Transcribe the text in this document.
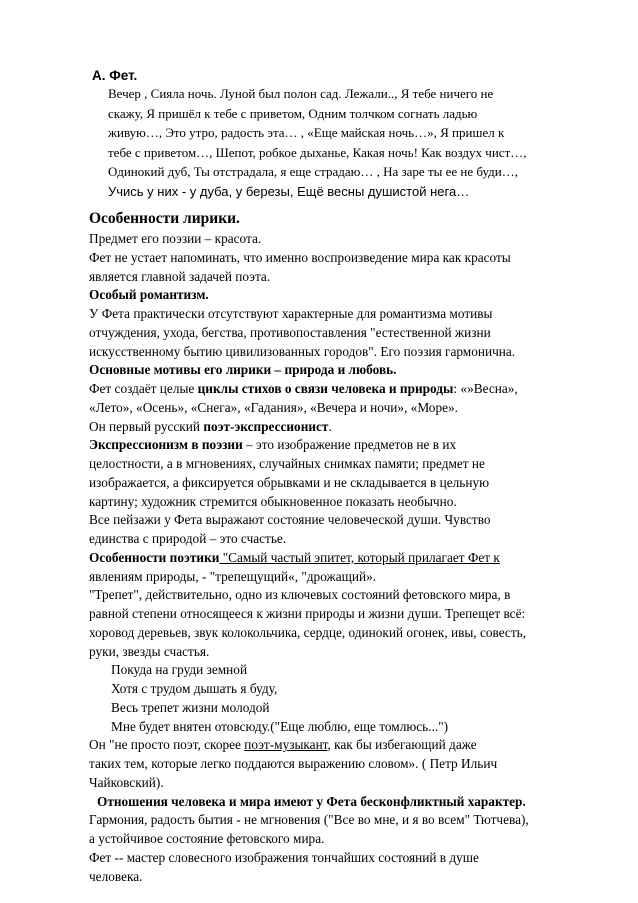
А. Фет.
Вечер , Сияла ночь. Луной был полон сад. Лежали.., Я тебе ничего не
скажу, Я пришёл к тебе с приветом, Одним толчком согнать ладью
живую…, Это утро, радость эта… , «Еще майская ночь…», Я пришел к
тебе с приветом…, Шепот, робкое дыханье, Какая ночь! Как воздух чист…,
Одинокий дуб, Ты отстрадала, я еще страдаю… , На заре ты ее не буди…,
Учись у них - у дуба, у березы, Ещё весны душистой нега…
Особенности лирики.
Предмет его поэзии – красота.
Фет не устает напоминать, что именно воспроизведение мира как красоты
является главной задачей поэта.
Особый романтизм.
У Фета практически отсутствуют характерные для романтизма мотивы
отчуждения, ухода, бегства, противопоставления "естественной жизни
искусственному бытию цивилизованных городов". Его поэзия гармонична.
Основные мотивы его лирики – природа и любовь.
Фет создаёт целые циклы стихов о связи человека и природы: «»Весна»,
«Лето», «Осень», «Снега», «Гадания», «Вечера и ночи», «Море».
Он первый русский поэт-экспрессионист.
Экспрессионизм в поэзии – это изображение предметов не в их
целостности, а в мгновениях, случайных снимках памяти; предмет не
изображается, а фиксируется обрывками и не складывается в цельную
картину; художник стремится обыкновенное показать необычно.
Все пейзажи у Фета выражают состояние человеческой души. Чувство
единства с природой – это счастье.
Особенности поэтики "Самый частый эпитет, который прилагает Фет к
явлениям природы, - "трепещущий«, "дрожащий».
"Трепет", действительно, одно из ключевых состояний фетовского мира, в
равной степени относящееся к жизни природы и жизни души. Трепещет всё:
хоровод деревьев, звук колокольчика, сердце, одинокий огонек, ивы, совесть,
руки, звезды счастья.
Покуда на груди земной
Хотя с трудом дышать я буду,
Весь трепет жизни молодой
Мне будет внятен отовсюду.("Еще люблю, еще томлюсь...")
Он "не просто поэт, скорее поэт-музыкант, как бы избегающий даже
таких тем, которые легко поддаются выражению словом». ( Петр Ильич
Чайковский).
Отношения человека и мира имеют у Фета бесконфликтный характер.
Гармония, радость бытия - не мгновения ("Все во мне, и я во всем" Тютчева),
а устойчивое состояние фетовского мира.
Фет -- мастер словесного изображения тончайших состояний в душе
человека.
